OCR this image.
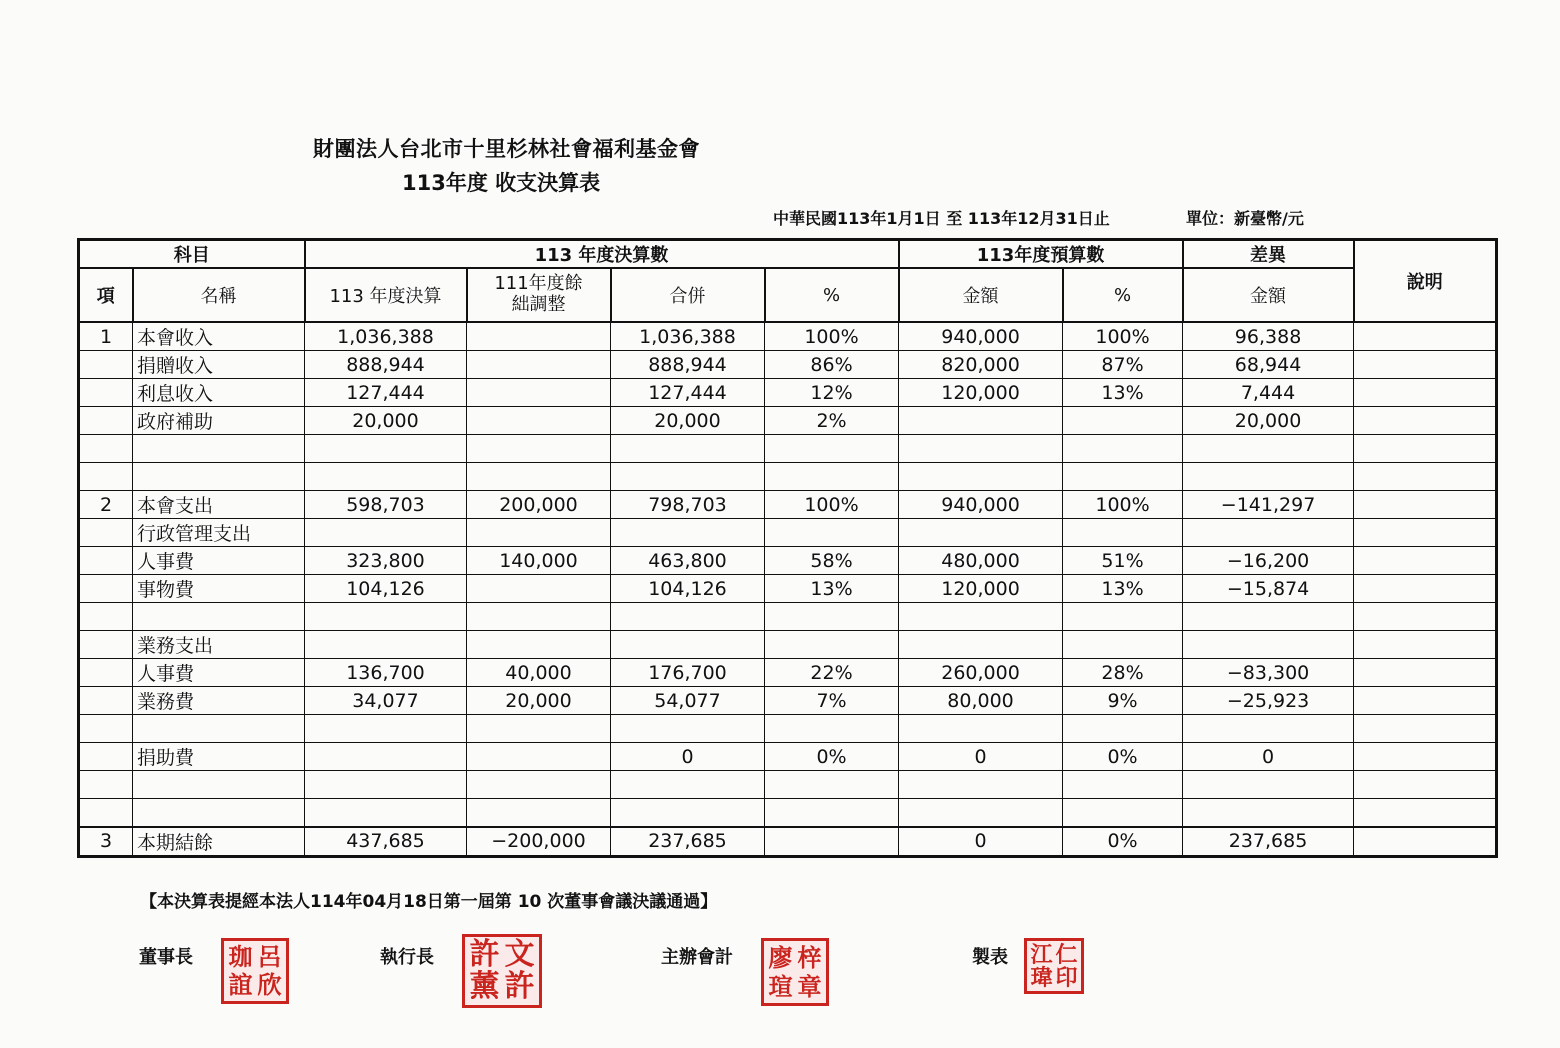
財團法人台北市十里杉林社會福利基金會
113年度 收支決算表
中華民國113年1月1日 至 113年12月31日止	單位：新臺幣/元
科目		113 年度決算數				113年度預算數		差異	說明
項	名稱	113 年度決算	111年度餘絀調整	合併	%	金額	%	金額	
1	本會收入	1,036,388		1,036,388	100%	940,000	100%	96,388	
	捐贈收入	888,944		888,944	86%	820,000	87%	68,944	
	利息收入	127,444		127,444	12%	120,000	13%	7,444	
	政府補助	20,000		20,000	2%			20,000	

2	本會支出	598,703	200,000	798,703	100%	940,000	100%	−141,297	
	行政管理支出								
	人事費	323,800	140,000	463,800	58%	480,000	51%	−16,200	
	事物費	104,126		104,126	13%	120,000	13%	−15,874	

	業務支出								
	人事費	136,700	40,000	176,700	22%	260,000	28%	−83,300	
	業務費	34,077	20,000	54,077	7%	80,000	9%	−25,923	

	捐助費			0	0%	0	0%	0	

3	本期結餘	437,685	−200,000	237,685		0	0%	237,685	
【本決算表提經本法人114年04月18日第一屆第 10 次董事會議決議通過】
董事長 珈 呂
誼 欣
執行長 許 文
薰 許
主辦會計 廖 梓
瑄 章
製表 江 仁
瑋 印
